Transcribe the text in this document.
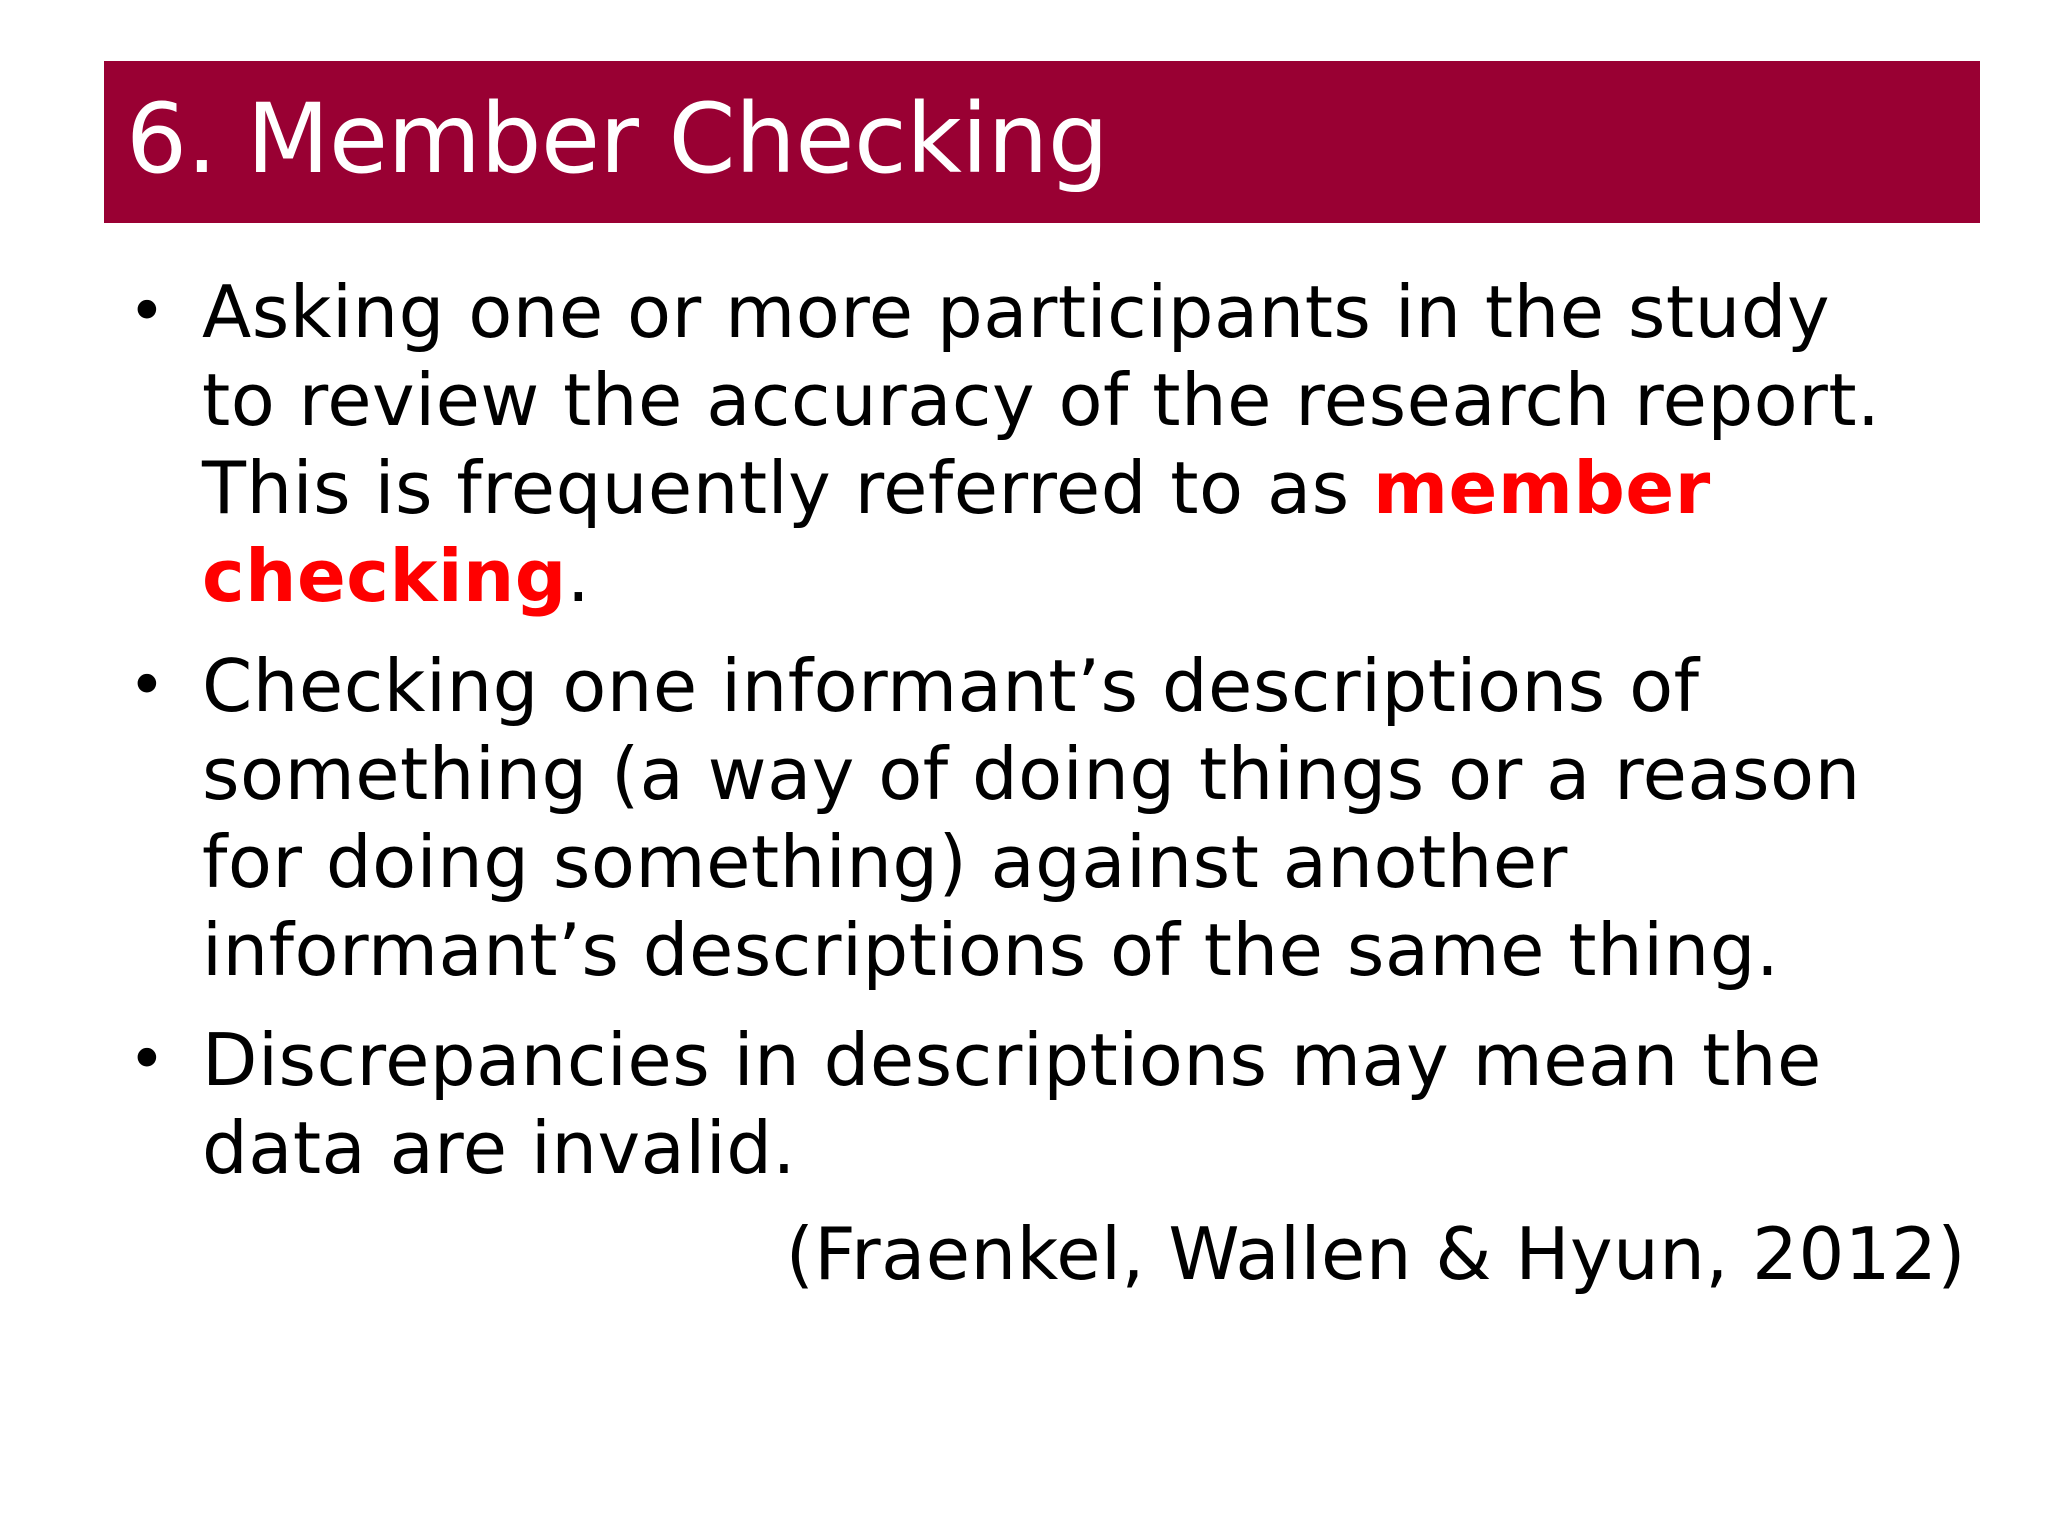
6. Member Checking
• Asking one or more participants in the study
to review the accuracy of the research report.
This is frequently referred to as member
checking.
• Checking one informant’s descriptions of
something (a way of doing things or a reason
for doing something) against another
informant’s descriptions of the same thing.
• Discrepancies in descriptions may mean the
data are invalid.
(Fraenkel, Wallen & Hyun, 2012)
